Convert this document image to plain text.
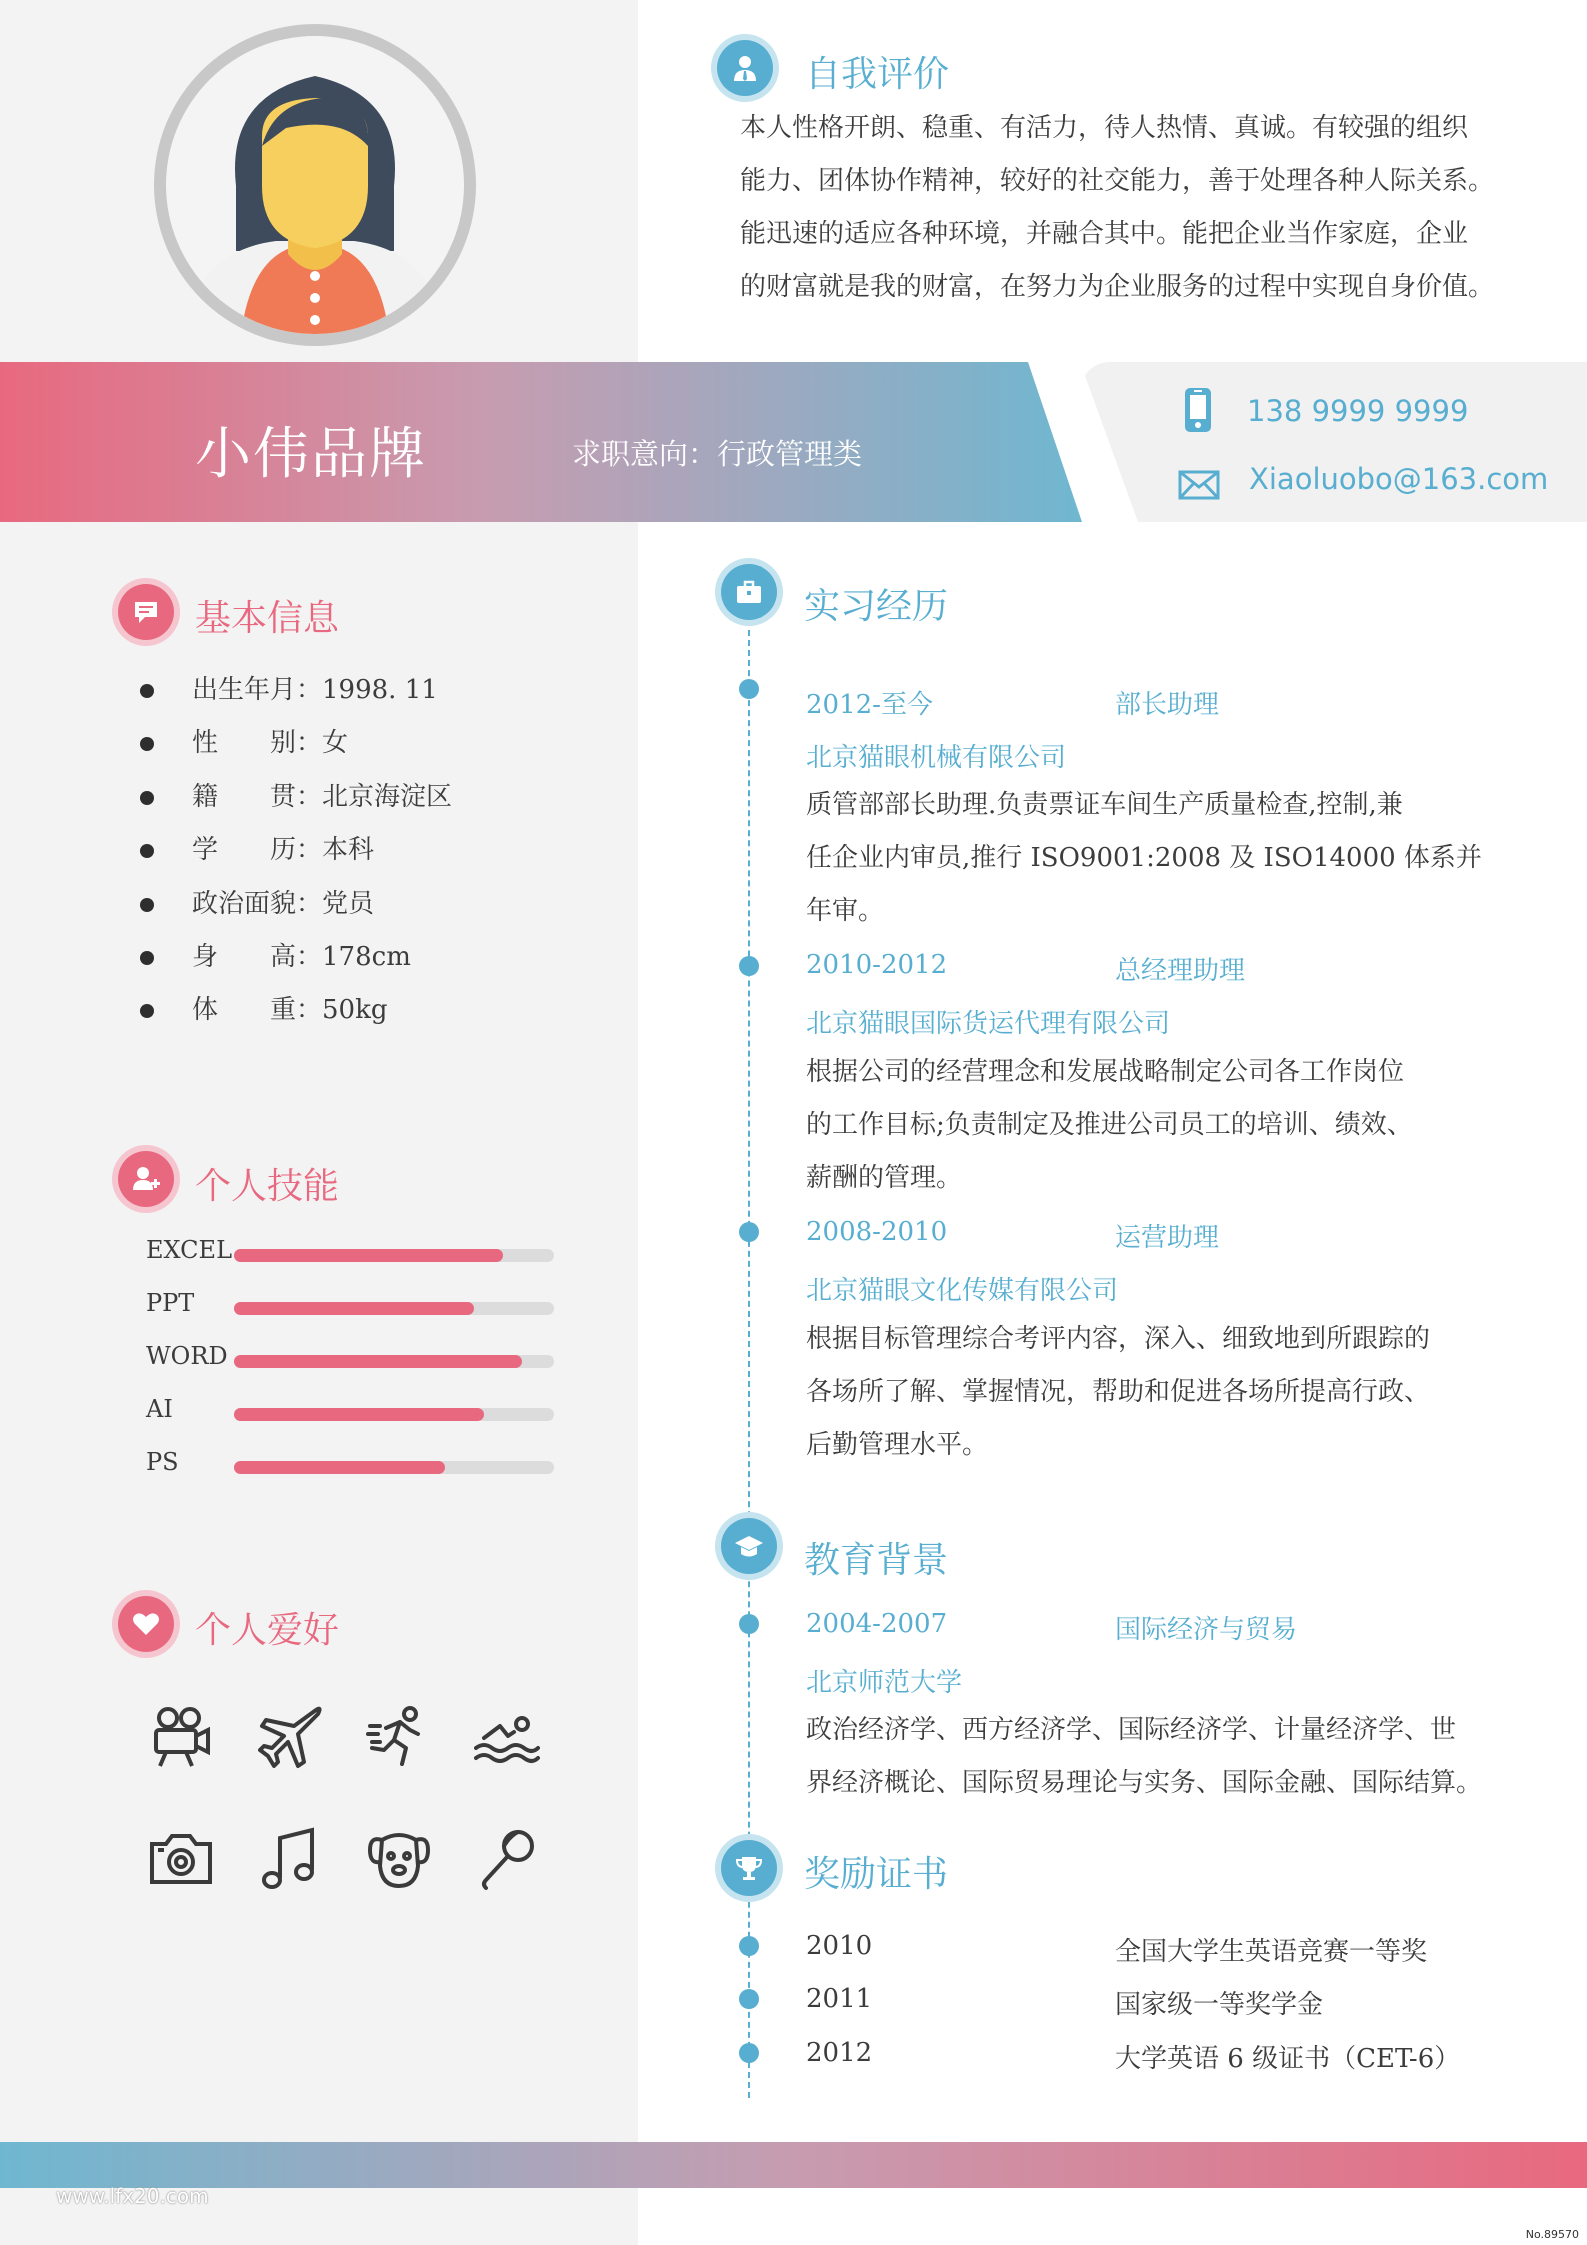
自我评价
本人性格开朗、稳重、有活力，待人热情、真诚。有较强的组织
能力、团体协作精神，较好的社交能力，善于处理各种人际关系。
能迅速的适应各种环境，并融合其中。能把企业当作家庭，企业
的财富就是我的财富，在努力为企业服务的过程中实现自身价值。
小伟品牌	求职意向：行政管理类
138 9999 9999
Xiaoluobo@163.com
基本信息
出生年月：1998. 11
性　　别：女
籍　　贯：北京海淀区
学　　历：本科
政治面貌：党员
身　　高：178cm
体　　重：50kg
个人技能
EXCEL
PPT
WORD
AI
PS
个人爱好
实习经历
2012-至今	部长助理
北京猫眼机械有限公司
质管部部长助理.负责票证车间生产质量检查,控制,兼
任企业内审员,推行 ISO9001:2008 及 ISO14000 体系并
年审。
2010-2012	总经理助理
北京猫眼国际货运代理有限公司
根据公司的经营理念和发展战略制定公司各工作岗位
的工作目标;负责制定及推进公司员工的培训、绩效、
薪酬的管理。
2008-2010	运营助理
北京猫眼文化传媒有限公司
根据目标管理综合考评内容，深入、细致地到所跟踪的
各场所了解、掌握情况，帮助和促进各场所提高行政、
后勤管理水平。
教育背景
2004-2007	国际经济与贸易
北京师范大学
政治经济学、西方经济学、国际经济学、计量经济学、世
界经济概论、国际贸易理论与实务、国际金融、国际结算。
奖励证书
2010	全国大学生英语竞赛一等奖
2011	国家级一等奖学金
2012	大学英语 6 级证书（CET-6）
www.lfx20.com
No.89570
